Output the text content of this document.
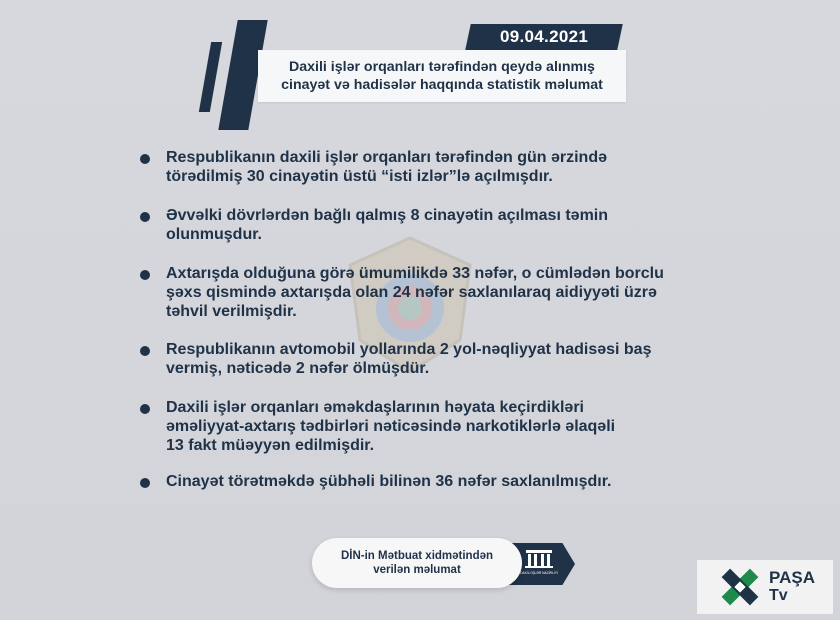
09.04.2021
Daxili işlər orqanları tərəfindən qeydə alınmış
cinayət və hadisələr haqqında statistik məlumat
Respublikanın daxili işlər orqanları tərəfindən gün ərzində
törədilmiş 30 cinayətin üstü “isti izlər”lə açılmışdır.
Əvvəlki dövrlərdən bağlı qalmış 8 cinayətin açılması təmin
olunmuşdur.
Axtarışda olduğuna görə ümumilikdə 33 nəfər, o cümlədən borclu
şəxs qismində axtarışda olan 24 nəfər saxlanılaraq aidiyyəti üzrə
təhvil verilmişdir.
Respublikanın avtomobil yollarında 2 yol-nəqliyyat hadisəsi baş
vermiş, nəticədə 2 nəfər ölmüşdür.
Daxili işlər orqanları əməkdaşlarının həyata keçirdikləri
əməliyyat-axtarış tədbirləri nəticəsində narkotiklərlə əlaqəli
13 fakt müəyyən edilmişdir.
Cinayət törətməkdə şübhəli bilinən 36 nəfər saxlanılmışdır.
DAXİLİ İŞLƏR NAZİRLİYİ
DİN-in Mətbuat xidmətindən
verilən məlumat	PAŞA
Tv
